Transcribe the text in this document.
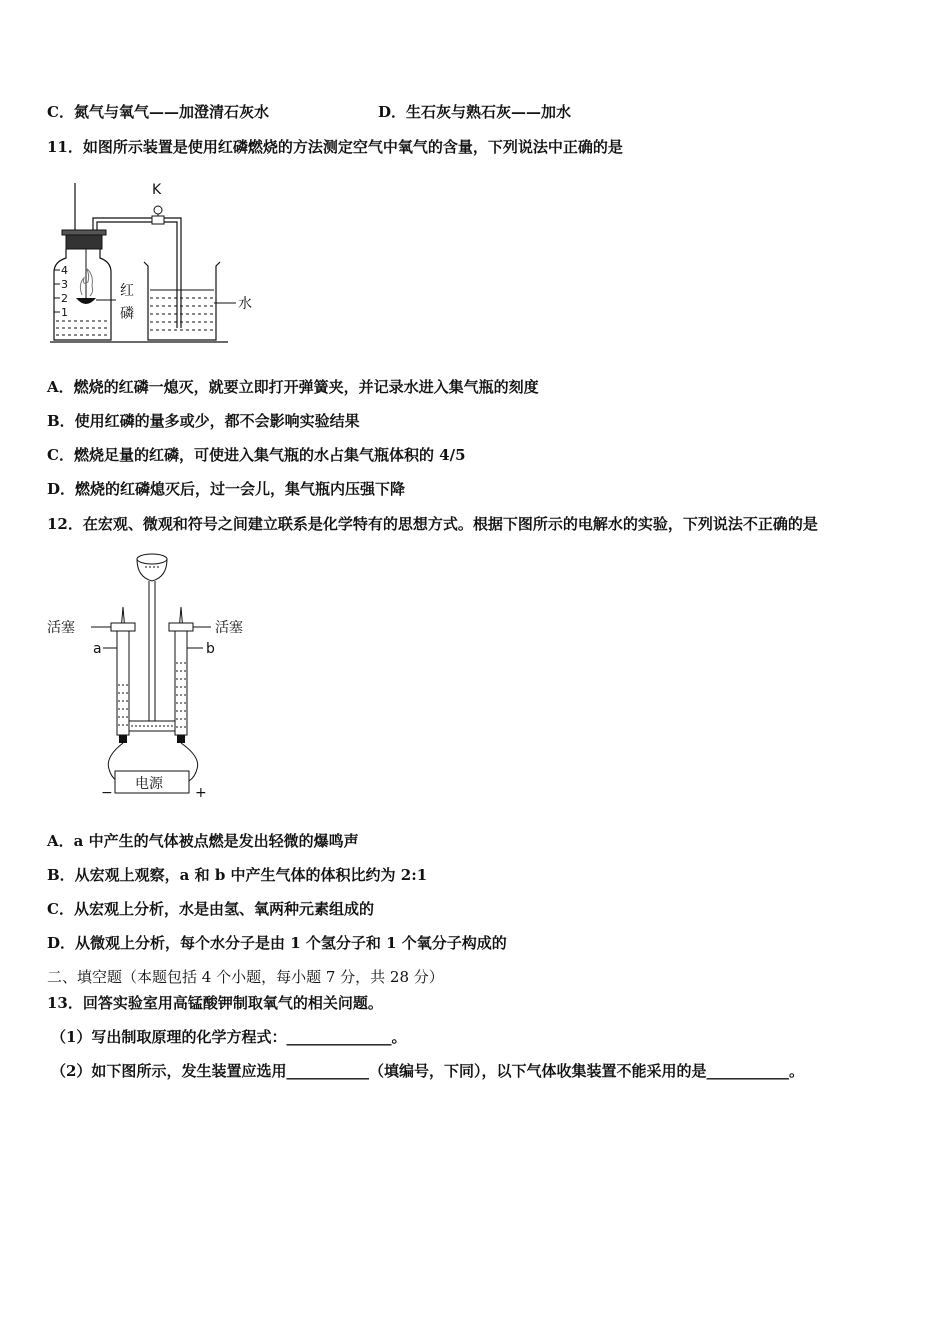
C．氮气与氧气——加澄清石灰水	D．生石灰与熟石灰——加水
11．如图所示装置是使用红磷燃烧的方法测定空气中氧气的含量，下列说法中正确的是
4
3
2
1
红
磷
K
水
A．燃烧的红磷一熄灭，就要立即打开弹簧夹，并记录水进入集气瓶的刻度
B．使用红磷的量多或少，都不会影响实验结果
C．燃烧足量的红磷，可使进入集气瓶的水占集气瓶体积的 4/5
D．燃烧的红磷熄灭后，过一会儿，集气瓶内压强下降
12．在宏观、微观和符号之间建立联系是化学特有的思想方式。根据下图所示的电解水的实验，下列说法不正确的是
活塞	活塞
a	b
电源
−	+
A．a 中产生的气体被点燃是发出轻微的爆鸣声
B．从宏观上观察，a 和 b 中产生气体的体积比约为 2:1
C．从宏观上分析，水是由氢、氧两种元素组成的
D．从微观上分析，每个水分子是由 1 个氢分子和 1 个氧分子构成的
二、填空题（本题包括 4 个小题，每小题 7 分，共 28 分）
13．回答实验室用高锰酸钾制取氧气的相关问题。
（1）写出制取原理的化学方程式：______________。
（2）如下图所示，发生装置应选用___________（填编号，下同），以下气体收集装置不能采用的是___________。
